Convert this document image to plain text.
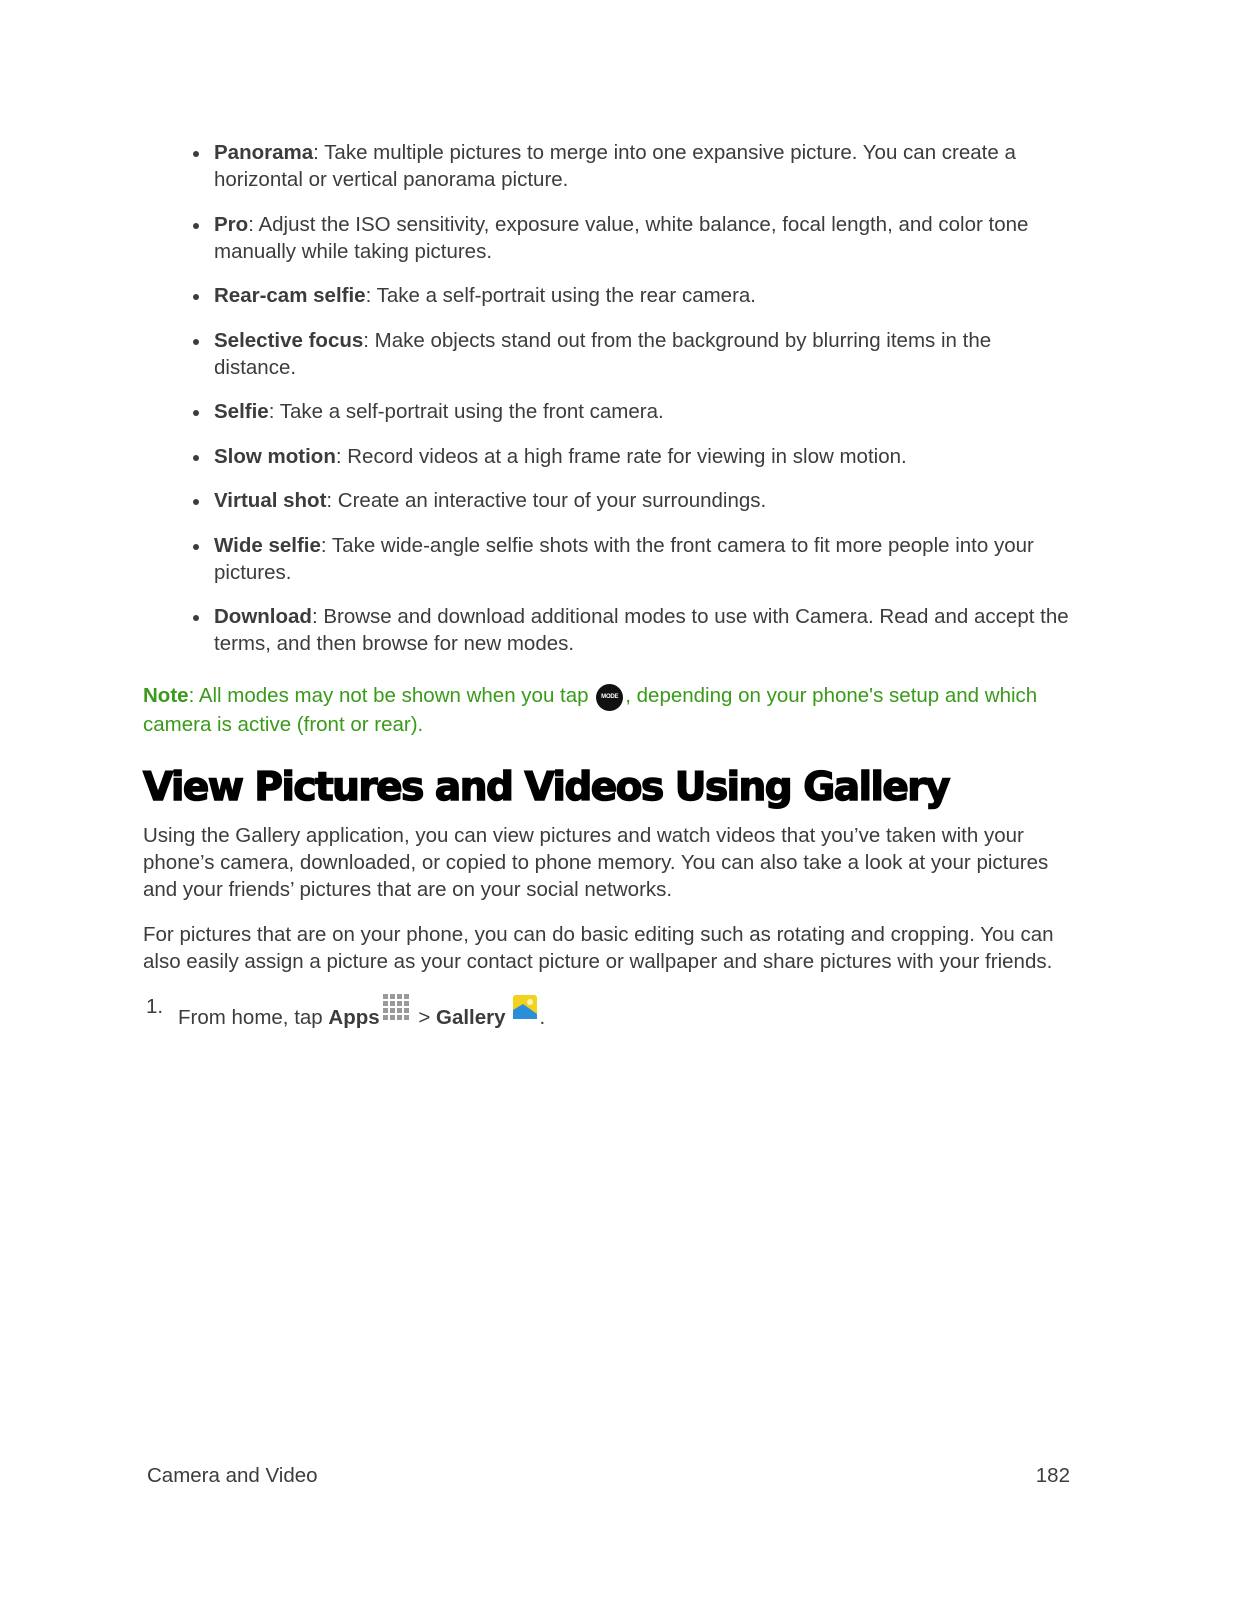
Panorama: Take multiple pictures to merge into one expansive picture. You can create a horizontal or vertical panorama picture.
Pro: Adjust the ISO sensitivity, exposure value, white balance, focal length, and color tone manually while taking pictures.
Rear-cam selfie: Take a self-portrait using the rear camera.
Selective focus: Make objects stand out from the background by blurring items in the distance.
Selfie: Take a self-portrait using the front camera.
Slow motion: Record videos at a high frame rate for viewing in slow motion.
Virtual shot: Create an interactive tour of your surroundings.
Wide selfie: Take wide-angle selfie shots with the front camera to fit more people into your pictures.
Download: Browse and download additional modes to use with Camera. Read and accept the terms, and then browse for new modes.
Note: All modes may not be shown when you tap MODE , depending on your phone's setup and which camera is active (front or rear).
View Pictures and Videos Using Gallery

Using the Gallery application, you can view pictures and watch videos that you’ve taken with your phone’s camera, downloaded, or copied to phone memory. You can also take a look at your pictures and your friends’ pictures that are on your social networks.

For pictures that are on your phone, you can do basic editing such as rotating and cropping. You can also easily assign a picture as your contact picture or wallpaper and share pictures with your friends.

1. From home, tap Apps > Gallery .
Camera and Video	182
